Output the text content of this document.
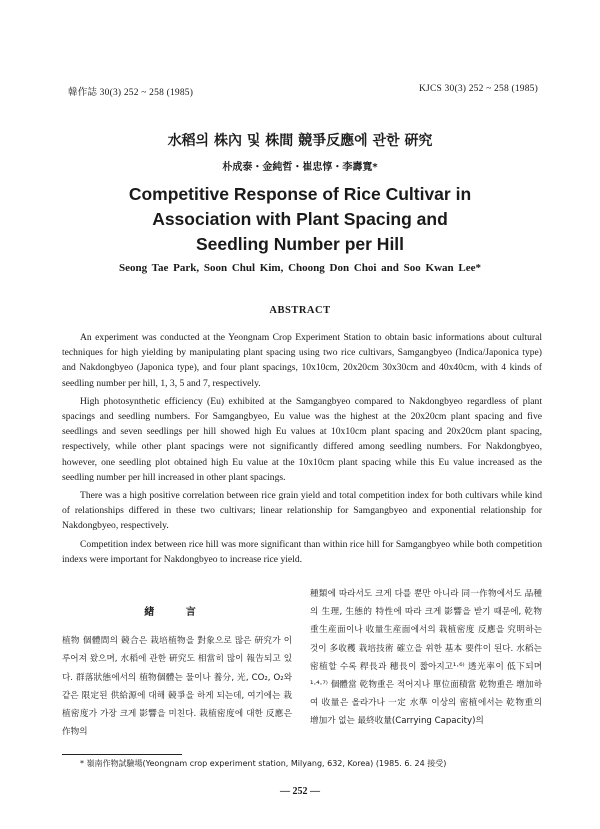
韓作誌 30(3) 252 ~ 258 (1985)	KJCS 30(3) 252 ~ 258 (1985)
水稻의 株內 및 株間 競爭反應에 관한 硏究
朴成泰・金純哲・崔忠惇・李壽寬*
Competitive Response of Rice Cultivar in
Association with Plant Spacing and
Seedling Number per Hill
Seong Tae Park, Soon Chul Kim, Choong Don Choi and Soo Kwan Lee*
ABSTRACT

An experiment was conducted at the Yeongnam Crop Experiment Station to obtain basic informations about cultural techniques for high yielding by manipulating plant spacing using two rice cultivars, Samgangbyeo (Indica/Japonica type) and Nakdongbyeo (Japonica type), and four plant spacings, 10x10cm, 20x20cm 30x30cm and 40x40cm, with 4 kinds of seedling number per hill, 1, 3, 5 and 7, respectively.

High photosynthetic efficiency (Eu) exhibited at the Samgangbyeo compared to Nakdongbyeo regardless of plant spacings and seedling numbers. For Samgangbyeo, Eu value was the highest at the 20x20cm plant spacing and five seedlings and seven seedlings per hill showed high Eu values at 10x10cm plant spacing and 20x20cm plant spacing, respectively, while other plant spacings were not significantly differed among seedling numbers. For Nakdongbyeo, however, one seedling plot obtained high Eu value at the 10x10cm plant spacing while this Eu value increased as the seedling number per hill increased in other plant spacings.

There was a high positive correlation between rice grain yield and total competition index for both cultivars while kind of relationships differed in these two cultivars; linear relationship for Samgangbyeo and exponential relationship for Nakdongbyeo, respectively.

Competition index between rice hill was more significant than within rice hill for Samgangbyeo while both competition indexs were important for Nakdongbyeo to increase rice yield.

緖 言

植物 個體間의 競合은 栽培植物을 對象으로 많은 硏究가 이루어져 왔으며, 水稻에 관한 硏究도 相當히 많이 報告되고 있다. 群落狀態에서의 植物個體는 물이나 養分, 光, CO₂, O₂와 같은 限定된 供給源에 대해 競爭을 하게 되는데, 여기에는 栽植密度가 가장 크게 影響을 미친다. 栽植密度에 대한 反應은 作物의

種類에 따라서도 크게 다를 뿐만 아니라 同一作物에서도 品種의 生理, 生態的 特性에 따라 크게 影響을 받기 때문에, 乾物重生産面이나 收量生産面에서의 栽植密度 反應을 究明하는 것이 多收穫 栽培技術 確立을 위한 基本 要件이 된다. 水稻는 密植할 수록 稈長과 穗長이 짧아지고¹·⁶⁾ 透光率이 低下되며¹·⁴·⁷⁾ 個體當 乾物重은 적어지나 單位面積當 乾物重은 增加하여 收量은 올라가나 一定 水準 이상의 密植에서는 乾物重의 增加가 없는 最終收量(Carrying Capacity)의

* 嶺南作物試驗場(Yeongnam crop experiment station, Milyang, 632, Korea) (1985. 6. 24 接受)
— 252 —
